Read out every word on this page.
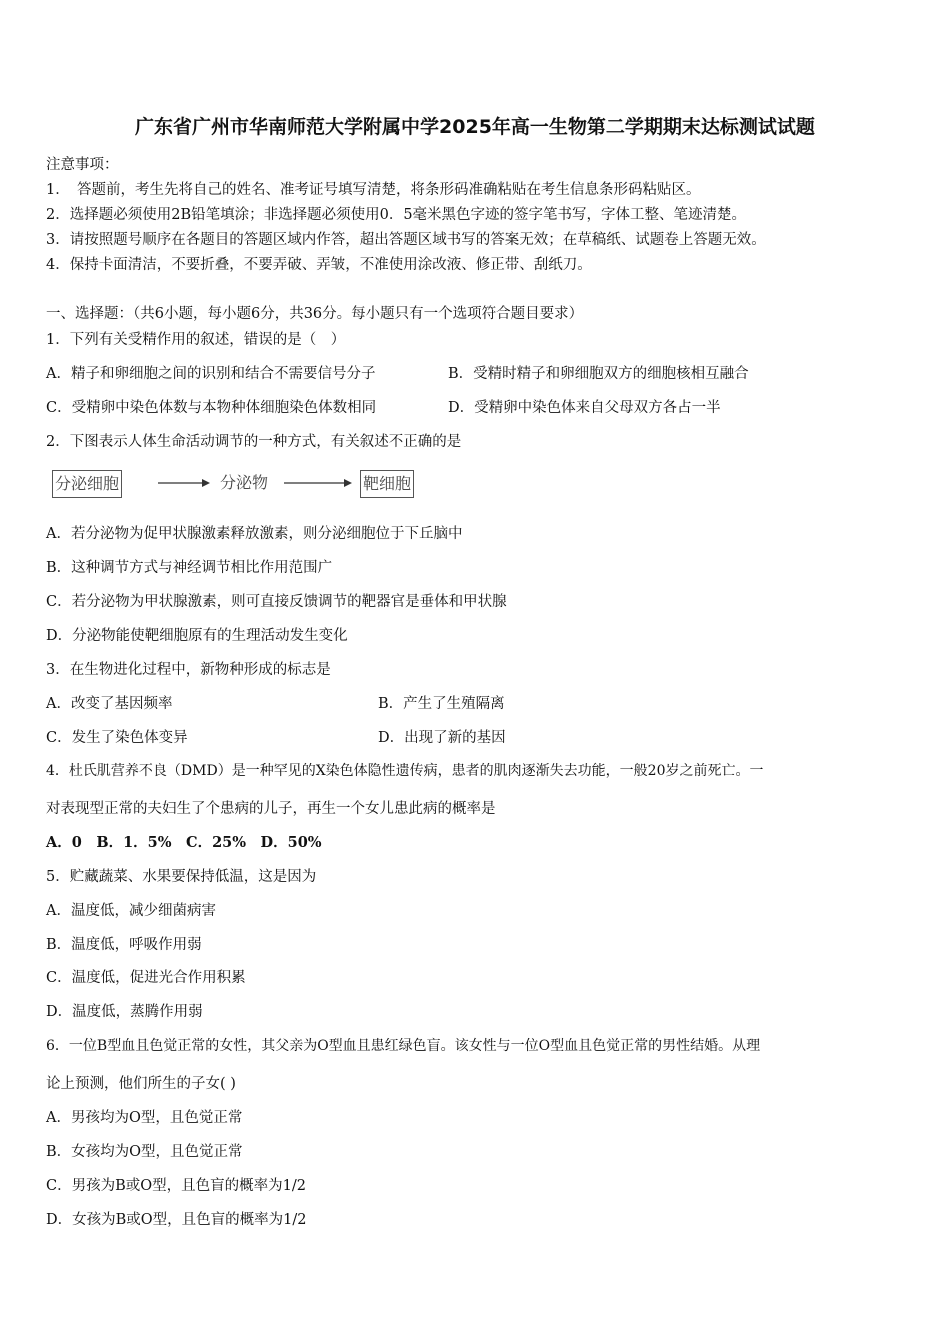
广东省广州市华南师范大学附属中学2025年高一生物第二学期期末达标测试试题
注意事项：
1．　答题前，考生先将自己的姓名、准考证号填写清楚，将条形码准确粘贴在考生信息条形码粘贴区。
2．选择题必须使用2B铅笔填涂；非选择题必须使用0．5毫米黑色字迹的签字笔书写，字体工整、笔迹清楚。
3．请按照题号顺序在各题目的答题区域内作答，超出答题区域书写的答案无效；在草稿纸、试题卷上答题无效。
4．保持卡面清洁，不要折叠，不要弄破、弄皱，不准使用涂改液、修正带、刮纸刀。
一、选择题：（共6小题，每小题6分，共36分。每小题只有一个选项符合题目要求）
1．下列有关受精作用的叙述，错误的是（　）
A．精子和卵细胞之间的识别和结合不需要信号分子	B．受精时精子和卵细胞双方的细胞核相互融合
C．受精卵中染色体数与本物种体细胞染色体数相同	D．受精卵中染色体来自父母双方各占一半
2．下图表示人体生命活动调节的一种方式，有关叙述不正确的是
分泌细胞	分泌物	靶细胞
A．若分泌物为促甲状腺激素释放激素，则分泌细胞位于下丘脑中
B．这种调节方式与神经调节相比作用范围广
C．若分泌物为甲状腺激素，则可直接反馈调节的靶器官是垂体和甲状腺
D．分泌物能使靶细胞原有的生理活动发生变化
3．在生物进化过程中，新物种形成的标志是
A．改变了基因频率	B．产生了生殖隔离
C．发生了染色体变异	D．出现了新的基因
4．杜氏肌营养不良（DMD）是一种罕见的X染色体隐性遗传病，患者的肌肉逐渐失去功能，一般20岁之前死亡。一
对表现型正常的夫妇生了个患病的儿子，再生一个女儿患此病的概率是
A．0　B．1．5%　C．25%　D．50%
5．贮藏蔬菜、水果要保持低温，这是因为
A．温度低，减少细菌病害
B．温度低，呼吸作用弱
C．温度低，促进光合作用积累
D．温度低，蒸腾作用弱
6．一位B型血且色觉正常的女性，其父亲为O型血且患红绿色盲。该女性与一位O型血且色觉正常的男性结婚。从理
论上预测，他们所生的子女( )
A．男孩均为O型，且色觉正常
B．女孩均为O型，且色觉正常
C．男孩为B或O型，且色盲的概率为1/2
D．女孩为B或O型，且色盲的概率为1/2
